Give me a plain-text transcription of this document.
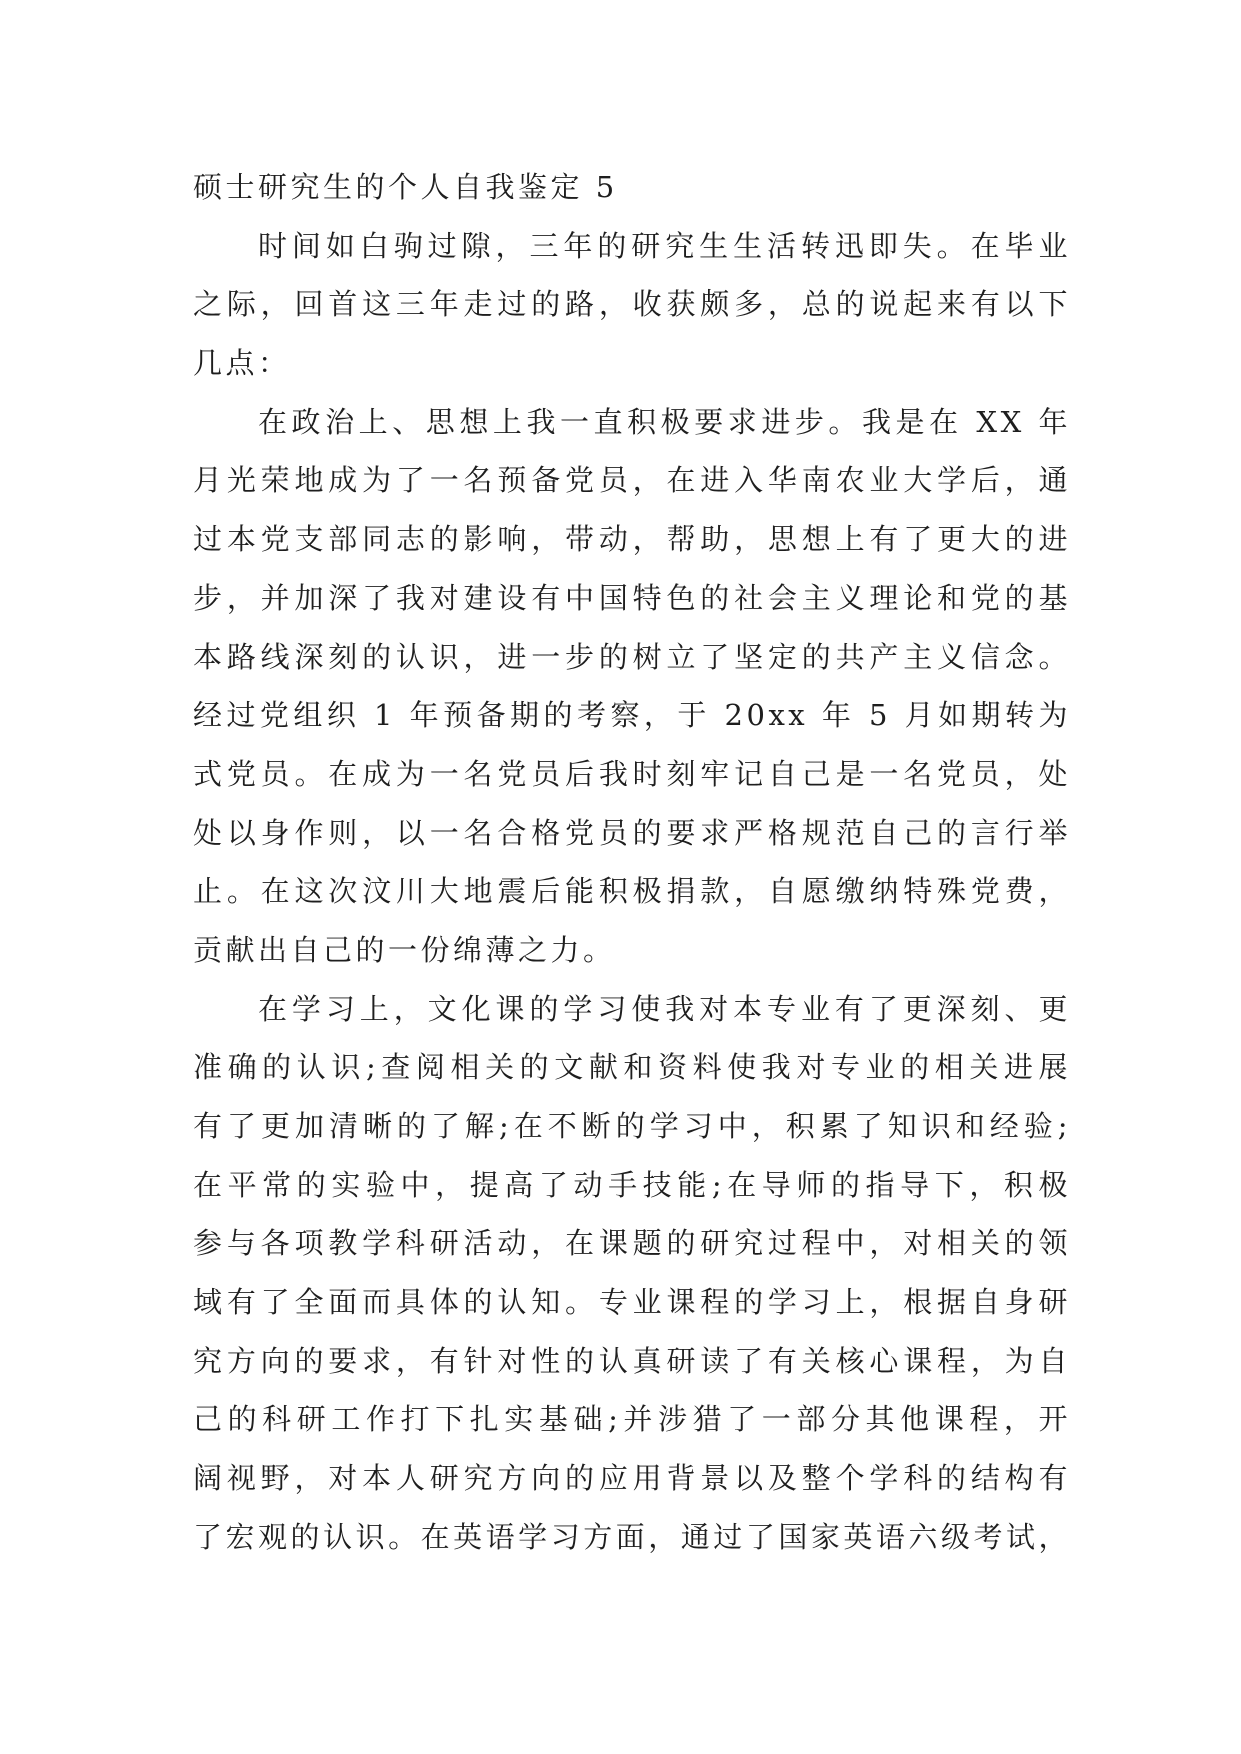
硕士研究生的个人自我鉴定 5
时间如白驹过隙，三年的研究生生活转迅即失。在毕业
之际，回首这三年走过的路，收获颇多，总的说起来有以下
几点：
在政治上、思想上我一直积极要求进步。我是在 XX 年
月光荣地成为了一名预备党员，在进入华南农业大学后，通
过本党支部同志的影响，带动，帮助，思想上有了更大的进
步，并加深了我对建设有中国特色的社会主义理论和党的基
本路线深刻的认识，进一步的树立了坚定的共产主义信念。
经过党组织 1 年预备期的考察，于 20xx 年 5 月如期转为
式党员。在成为一名党员后我时刻牢记自己是一名党员，处
处以身作则，以一名合格党员的要求严格规范自己的言行举
止。在这次汶川大地震后能积极捐款，自愿缴纳特殊党费，
贡献出自己的一份绵薄之力。
在学习上，文化课的学习使我对本专业有了更深刻、更
准确的认识;查阅相关的文献和资料使我对专业的相关进展
有了更加清晰的了解;在不断的学习中，积累了知识和经验;
在平常的实验中，提高了动手技能;在导师的指导下，积极
参与各项教学科研活动，在课题的研究过程中，对相关的领
域有了全面而具体的认知。专业课程的学习上，根据自身研
究方向的要求，有针对性的认真研读了有关核心课程，为自
己的科研工作打下扎实基础;并涉猎了一部分其他课程，开
阔视野，对本人研究方向的应用背景以及整个学科的结构有
了宏观的认识。在英语学习方面，通过了国家英语六级考试，
